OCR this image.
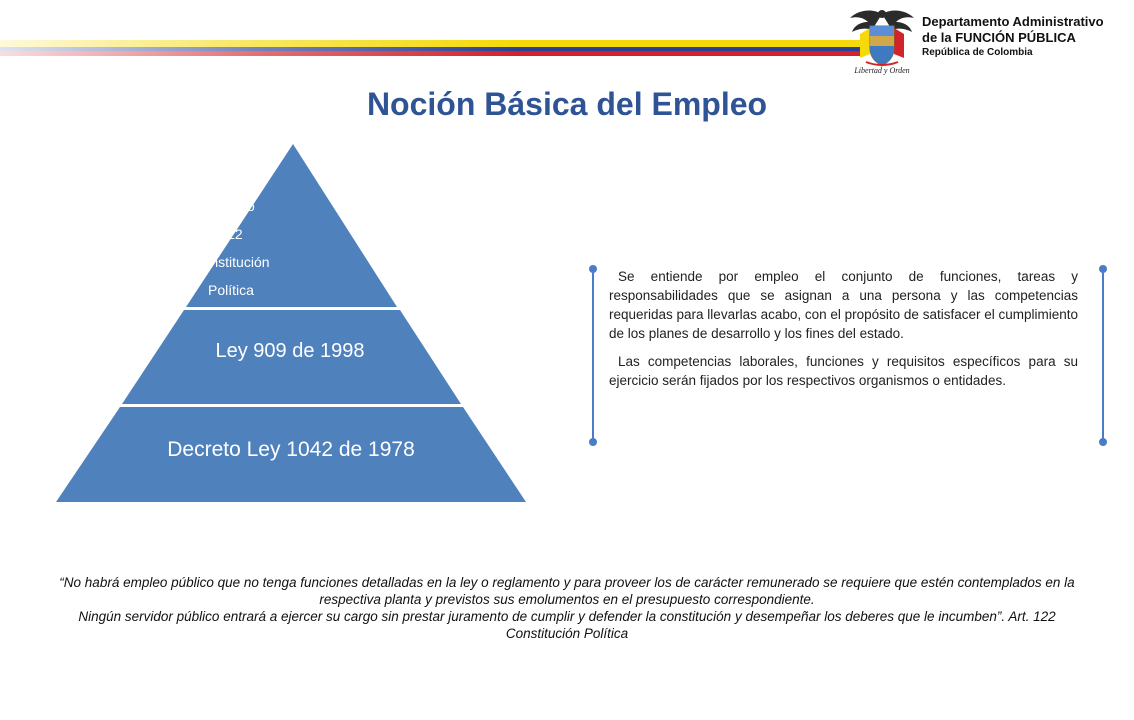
Libertad y Orden
Departamento Administrativo
de la FUNCIÓN PÚBLICA
República de Colombia
Noción Básica del Empleo
Artículo
122
Constitución
Política
Ley 909 de 1998
Decreto Ley 1042 de 1978

Se entiende por empleo el conjunto de funciones, tareas y responsabilidades que se asignan a una persona y las competencias requeridas para llevarlas acabo, con el propósito de satisfacer el cumplimiento de los planes de desarrollo y los fines del estado.

Las competencias laborales, funciones y requisitos específicos para su ejercicio serán fijados por los respectivos organismos o entidades.

“No habrá empleo público que no tenga funciones detalladas en la ley o reglamento y para proveer los de carácter remunerado se requiere que estén contemplados en la respectiva planta y previstos sus emolumentos en el presupuesto correspondiente.

Ningún servidor público entrará a ejercer su cargo sin prestar juramento de cumplir y defender la constitución y desempeñar los deberes que le incumben”. Art. 122 Constitución Política
